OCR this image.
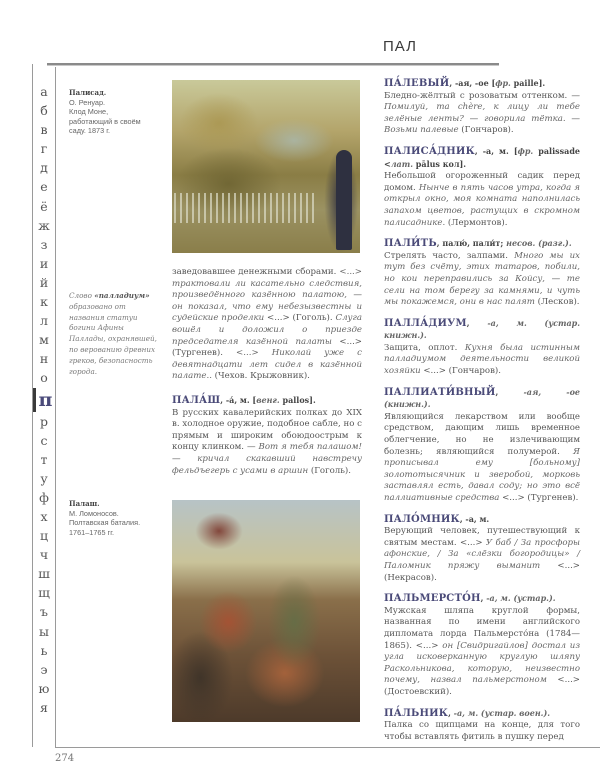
ПАЛ
а
б
в
г
д
е
ё
ж
з
и
й
к
л
м
н
о
п
р
с
т
у
ф
х
ц
ч
ш
щ
ъ
ы
ь
э
ю
я
Палисад.
О. Ренуар.
Клод Моне,
работающий в своём
саду. 1873 г.
Слово «палладиум» образовано от названия статуи богини Афины Паллады, охранявшей, по верованию древних греков, безопасность города.
Палаш.
М. Ломоносов.
Полтавская баталия.
1761–1765 гг.
заведовавшее денежными сборами. <...> трактовали ли касательно следствия, произведённого казённою палатою, — он показал, что ему небезызвестны и судейские проделки <...> (Гоголь). Слуга вошёл и доложил о приезде председателя казённой палаты <...> (Тургенев). <...> Николай уже с девятнадцати лет сидел в казённой палате.. (Чехов. Крыжовник).
ПАЛА́Ш, -á, м. [венг. pallos].
В русских кавалерийских полках до XIX в. холодное оружие, подобное сабле, но с прямым и широким обоюдоострым к концу клинком. — Вот я тебя палашом! — кричал скакавший навстречу фельдъегерь с усами в аршин (Гоголь).
ПА́ЛЕВЫЙ, -ая, -ое [фр. paille].
Бледно-жёлтый с розоватым оттенком. — Помилуй, ma chère, к лицу ли тебе зелёные ленты? — говорила тётка. — Возьми палевые (Гончаров).
ПАЛИСА́ДНИК, -а, м. [фр. palissade <лат. pālus кол].
Небольшой огороженный садик перед домом. Нынче в пять часов утра, когда я открыл окно, моя комната наполнилась запахом цветов, растущих в скромном палисаднике. (Лермонтов).
ПАЛИ́ТЬ, палю́, пали́т; несов. (разг.).
Стрелять часто, залпами. Много мы их тут без счёту, этих татаров, побили, но кои перепрaвились за Койсу, — те сели на том берегу за камнями, и чуть мы покажемся, они в нас палят (Лесков).
ПАЛЛА́ДИУМ, -а, м. (устар. книжн.).
Защита, оплот. Кухня была истинным палладиумом деятельности великой хозяйки <...> (Гончаров).
ПАЛЛИАТИ́ВНЫЙ, -ая, -ое (книжн.).
Являющийся лекарством или вообще средством, дающим лишь временное облегчение, но не излечивающим болезнь; являющийся полумерой. Я прописывал ему [больному] золототысячник и зверобой, морковь заставлял есть, давал соду; но это всё паллиативные средства <...> (Тургенев).
ПАЛО́МНИК, -а, м.
Верующий человек, путешествующий к святым местам. <...> У баб / За просфоры афонские, / За «слёзки богородицы» / Паломник пряжу выманит <...> (Некрасов).
ПАЛЬМЕРСТО́Н, -а, м. (устар.).
Мужская шляпа круглой формы, названная по имени английского дипломата лорда Пальмерстóна (1784—1865). <...> он [Свидригайлов] достал из угла исковерканную круглую шляпу Раскольникова, которую, неизвестно почему, назвал пальмерстоном <...> (Достоевский).
ПА́ЛЬНИК, -а, м. (устар. воен.).
Палка со щипцами на конце, для того чтобы вставлять фитиль в пушку перед
274
